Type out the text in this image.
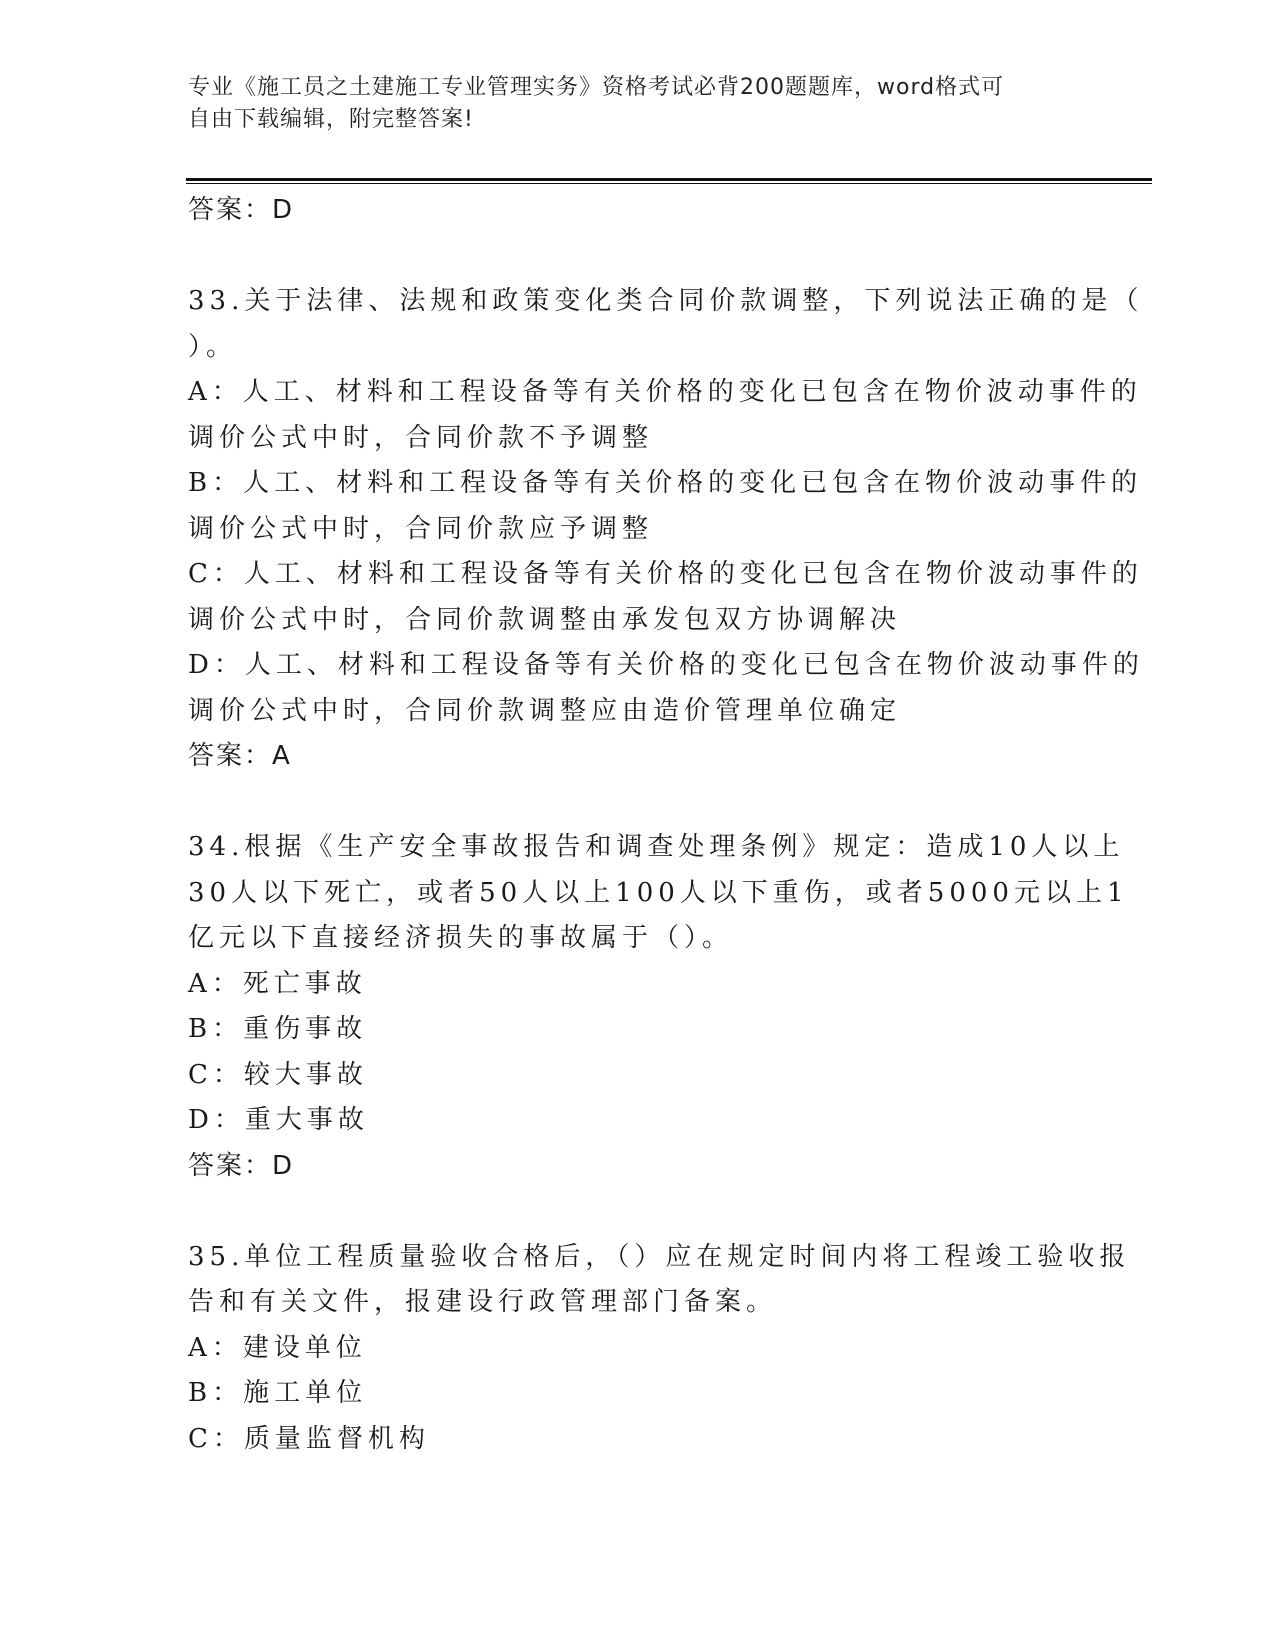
专业《施工员之土建施工专业管理实务》资格考试必背200题题库，word格式可
自由下载编辑，附完整答案!
答案：D
33.关于法律、法规和政策变化类合同价款调整，下列说法正确的是（
）。
A：人工、材料和工程设备等有关价格的变化已包含在物价波动事件的
调价公式中时，合同价款不予调整
B：人工、材料和工程设备等有关价格的变化已包含在物价波动事件的
调价公式中时，合同价款应予调整
C：人工、材料和工程设备等有关价格的变化已包含在物价波动事件的
调价公式中时，合同价款调整由承发包双方协调解决
D：人工、材料和工程设备等有关价格的变化已包含在物价波动事件的
调价公式中时，合同价款调整应由造价管理单位确定
答案：A
34.根据《生产安全事故报告和调查处理条例》规定：造成10人以上
30人以下死亡，或者50人以上100人以下重伤，或者5000元以上1
亿元以下直接经济损失的事故属于（）。
A：死亡事故
B：重伤事故
C：较大事故
D：重大事故
答案：D
35.单位工程质量验收合格后，（）应在规定时间内将工程竣工验收报
告和有关文件，报建设行政管理部门备案。
A：建设单位
B：施工单位
C：质量监督机构
